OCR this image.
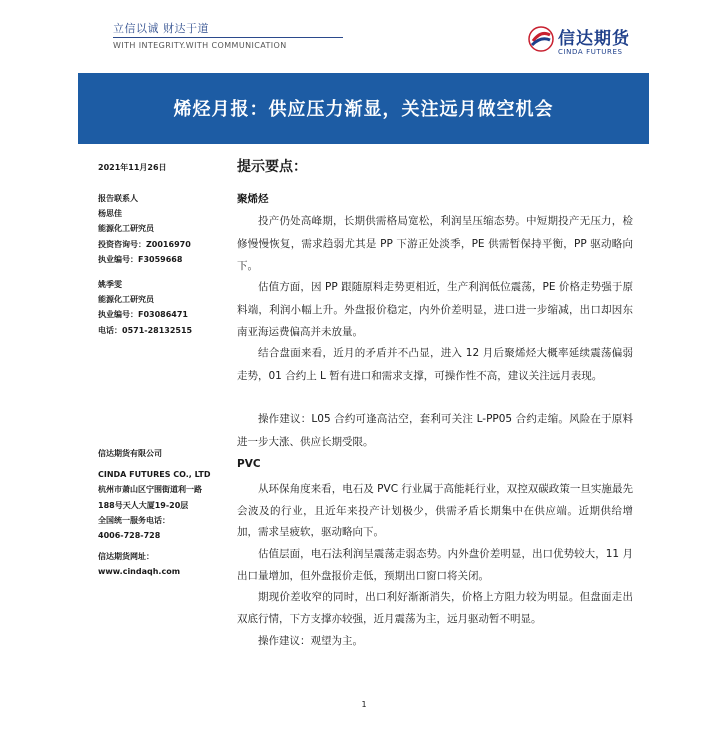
立信以诚 财达于道
WITH INTEGRITY.WITH COMMUNICATION	信达期货
CINDA FUTURES
烯烃月报：供应压力渐显，关注远月做空机会
2021年11月26日
报告联系人
杨思佳
能源化工研究员
投资咨询号：Z0016970
执业编号：F3059668
姚季雯
能源化工研究员
执业编号：F03086471
电话：0571-28132515
信达期货有限公司
CINDA FUTURES CO., LTD
杭州市萧山区宁围街道利一路
188号天人大厦19-20层
全国统一服务电话：
4006-728-728
信达期货网址：
www.cindaqh.com
提示要点：
聚烯烃
投产仍处高峰期，长期供需格局宽松，利润呈压缩态势。中短期投产无压力，检修慢慢恢复，需求趋弱尤其是 PP 下游正处淡季，PE 供需暂保持平衡，PP 驱动略向下。
估值方面，因 PP 跟随原料走势更相近，生产利润低位震荡，PE 价格走势强于原料端，利润小幅上升。外盘报价稳定，内外价差明显，进口进一步缩减，出口却因东南亚海运费偏高并未放量。
结合盘面来看，近月的矛盾并不凸显，进入 12 月后聚烯烃大概率延续震荡偏弱走势，01 合约上 L 暂有进口和需求支撑，可操作性不高，建议关注远月表现。
操作建议：L05 合约可逢高沽空，套利可关注 L-PP05 合约走缩。风险在于原料进一步大涨、供应长期受限。
PVC
从环保角度来看，电石及 PVC 行业属于高能耗行业，双控双碳政策一旦实施最先会波及的行业，且近年来投产计划极少，供需矛盾长期集中在供应端。近期供给增加，需求呈疲软，驱动略向下。
估值层面，电石法利润呈震荡走弱态势。内外盘价差明显，出口优势较大，11 月出口量增加，但外盘报价走低，预期出口窗口将关闭。
期现价差收窄的同时，出口利好渐渐消失，价格上方阻力较为明显。但盘面走出双底行情，下方支撑亦较强，近月震荡为主，远月驱动暂不明显。
操作建议：观望为主。
1
